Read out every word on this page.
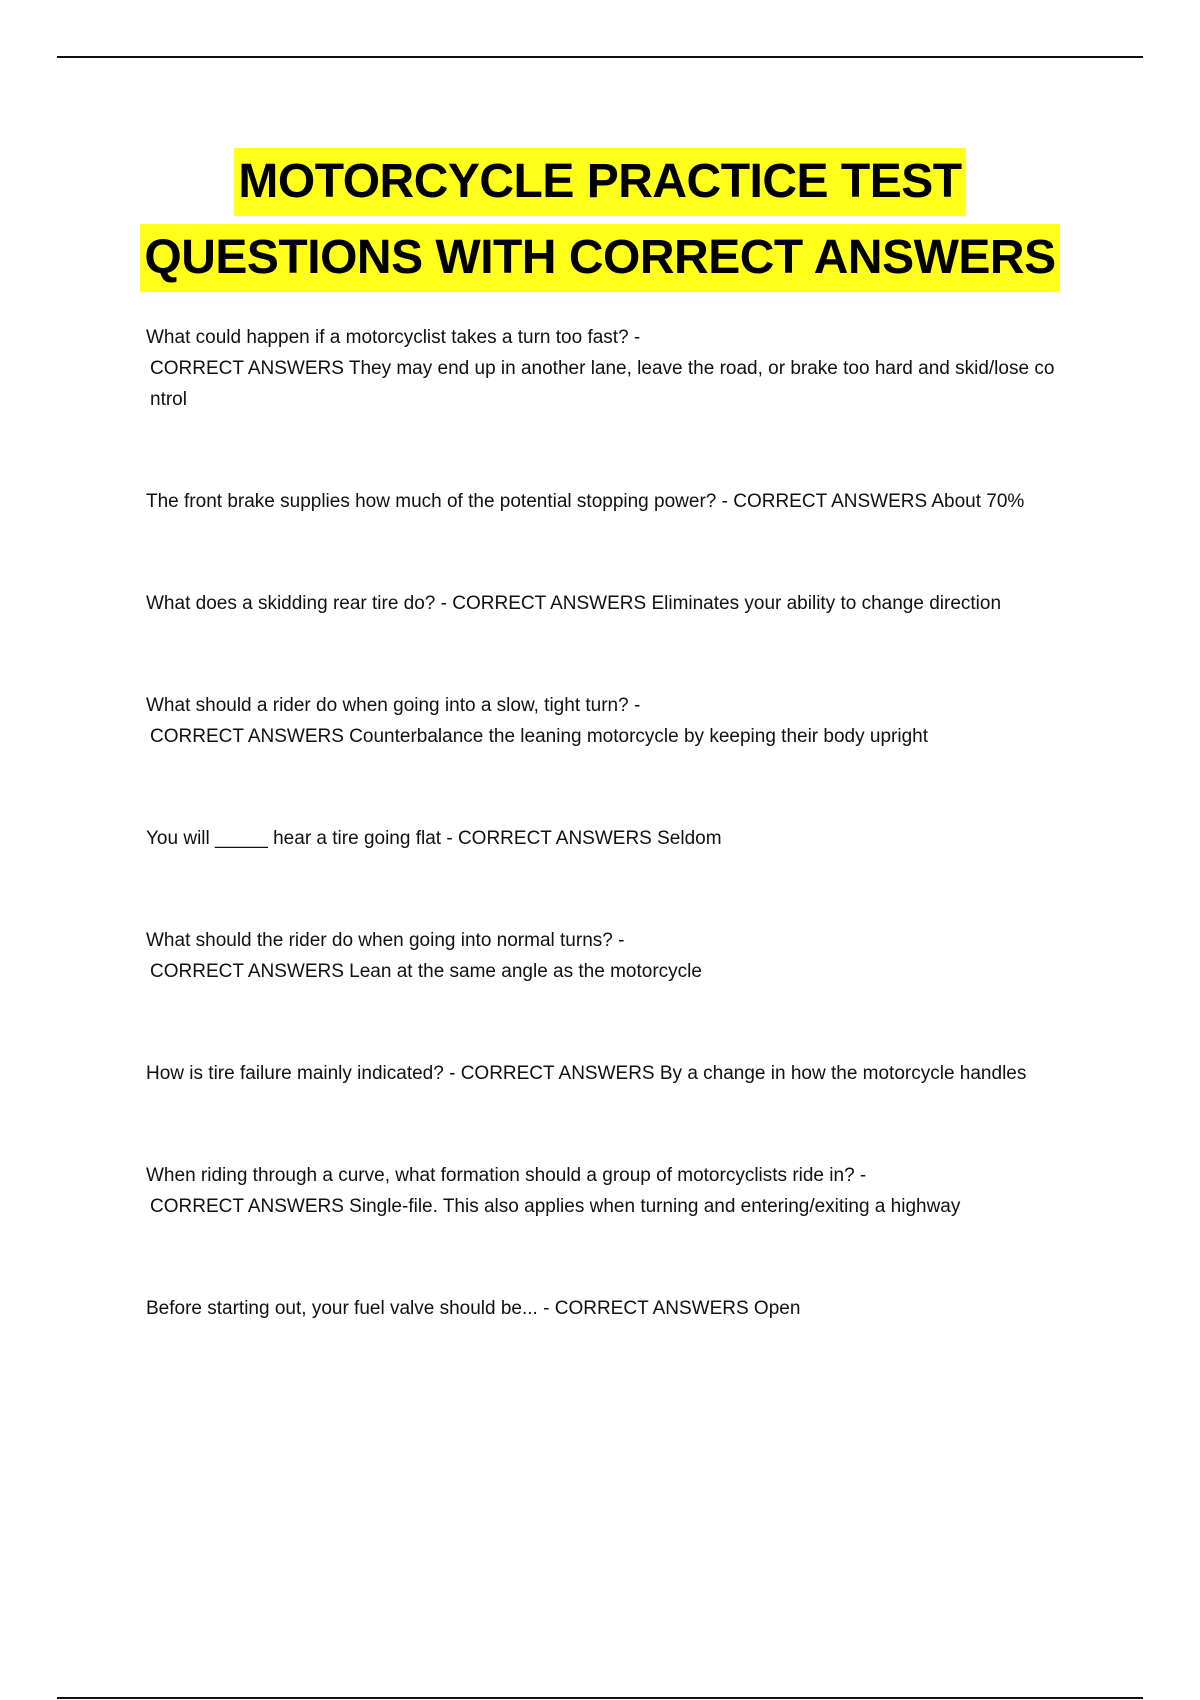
MOTORCYCLE PRACTICE TEST
QUESTIONS WITH CORRECT ANSWERS
What could happen if a motorcyclist takes a turn too fast? -
CORRECT ANSWERS They may end up in another lane, leave the road, or brake too hard and skid/lose co ntrol
The front brake supplies how much of the potential stopping power? - CORRECT ANSWERS About 70%
What does a skidding rear tire do? - CORRECT ANSWERS Eliminates your ability to change direction
What should a rider do when going into a slow, tight turn? -
CORRECT ANSWERS Counterbalance the leaning motorcycle by keeping their body upright
You will _____ hear a tire going flat - CORRECT ANSWERS Seldom
What should the rider do when going into normal turns? -
CORRECT ANSWERS Lean at the same angle as the motorcycle
How is tire failure mainly indicated? - CORRECT ANSWERS By a change in how the motorcycle handles
When riding through a curve, what formation should a group of motorcyclists ride in? -
CORRECT ANSWERS Single-file. This also applies when turning and entering/exiting a highway
Before starting out, your fuel valve should be... - CORRECT ANSWERS Open
